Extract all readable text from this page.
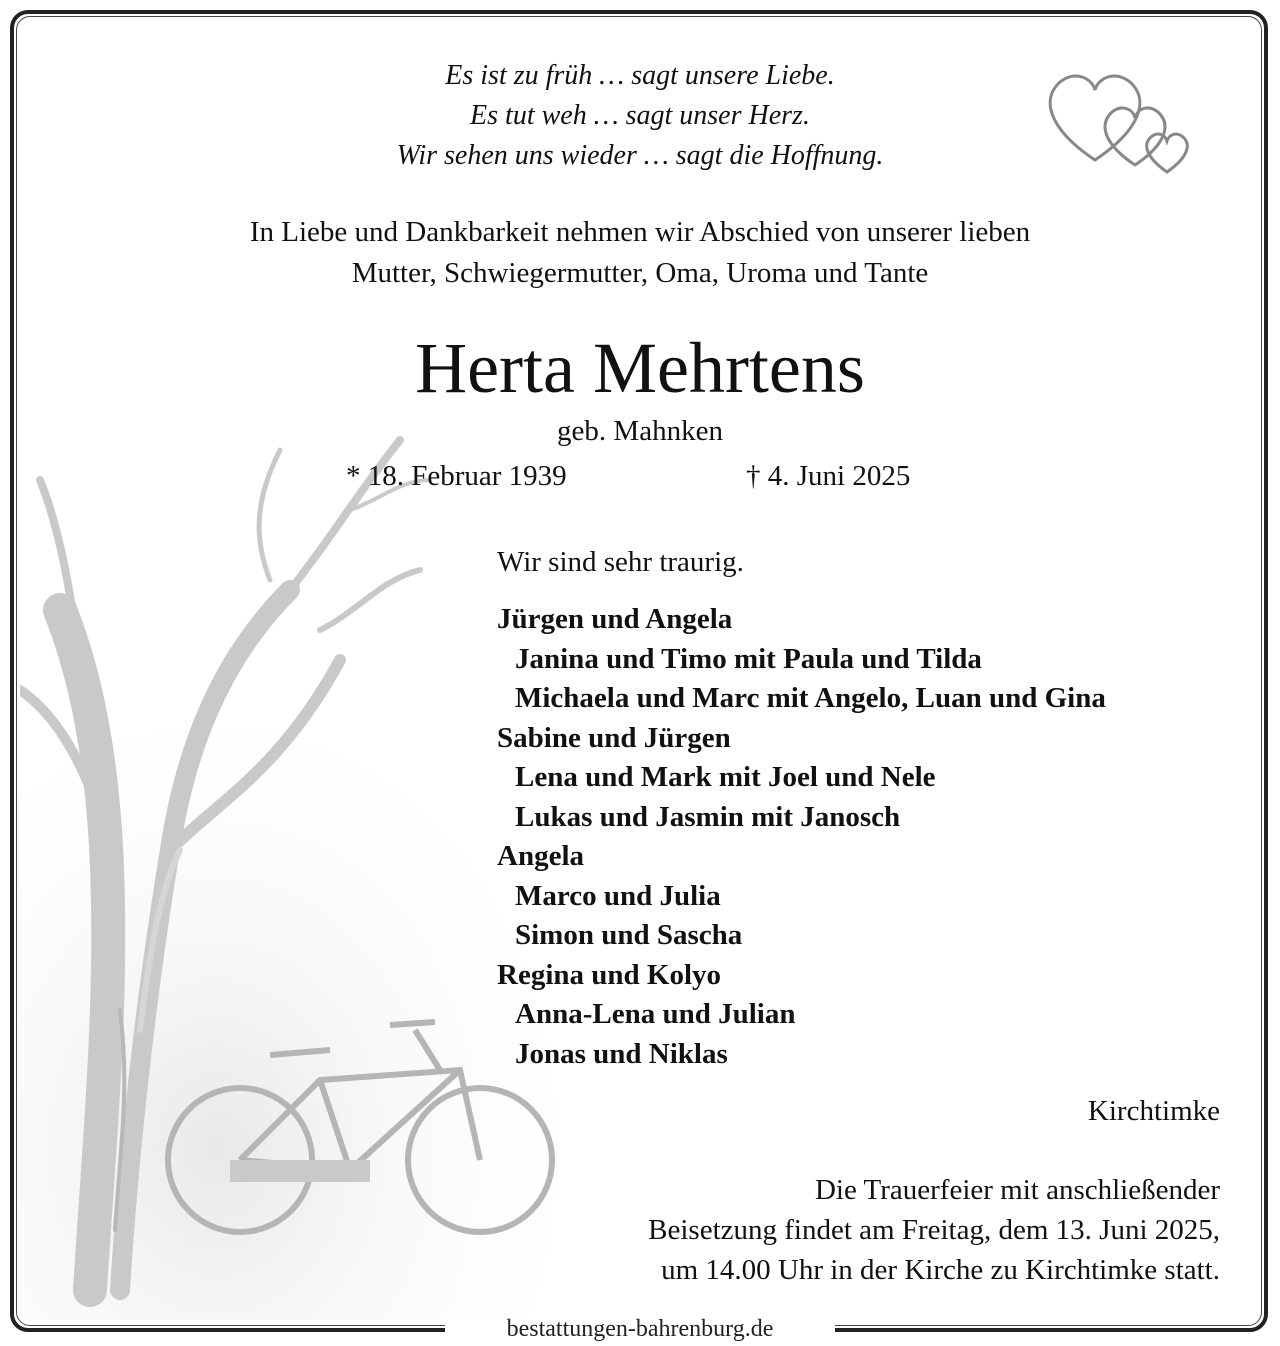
Es ist zu früh … sagt unsere Liebe.
Es tut weh … sagt unser Herz.
Wir sehen uns wieder … sagt die Hoffnung.
In Liebe und Dankbarkeit nehmen wir Abschied von unserer lieben
Mutter, Schwiegermutter, Oma, Uroma und Tante
Herta Mehrtens
geb. Mahnken
* 18. Februar 1939	† 4. Juni 2025
Wir sind sehr traurig.
Jürgen und Angela
Janina und Timo mit Paula und Tilda
Michaela und Marc mit Angelo, Luan und Gina
Sabine und Jürgen
Lena und Mark mit Joel und Nele
Lukas und Jasmin mit Janosch
Angela
Marco und Julia
Simon und Sascha
Regina und Kolyo
Anna-Lena und Julian
Jonas und Niklas
Kirchtimke
Die Trauerfeier mit anschließender
Beisetzung findet am Freitag, dem 13. Juni 2025,
um 14.00 Uhr in der Kirche zu Kirchtimke statt.
bestattungen-bahrenburg.de
